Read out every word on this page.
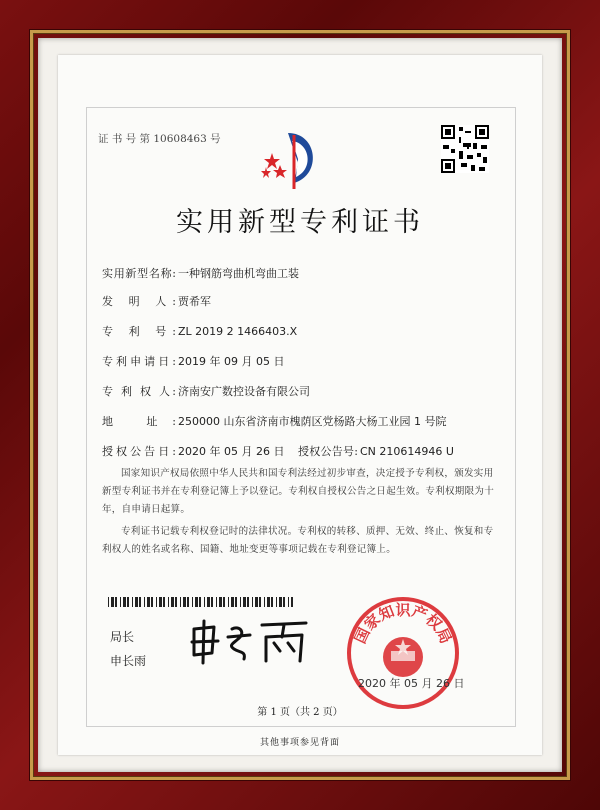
证 书 号 第 10608463 号
实用新型专利证书
实用新型名称: 一种钢筋弯曲机弯曲工装
发 明 人: 贾希军
专 利 号: ZL 2019 2 1466403.X
专利申请日: 2019 年 09 月 05 日
专 利 权 人: 济南安广数控设备有限公司
地 址: 250000 山东省济南市槐荫区党杨路大杨工业园 1 号院
授权公告日: 2020 年 05 月 26 日 授权公告号: CN 210614946 U
国家知识产权局依照中华人民共和国专利法经过初步审查，决定授予专利权，颁发实用新型专利证书并在专利登记簿上予以登记。专利权自授权公告之日起生效。专利权期限为十年，自申请日起算。
专利证书记载专利权登记时的法律状况。专利权的转移、质押、无效、终止、恢复和专利权人的姓名或名称、国籍、地址变更等事项记载在专利登记簿上。
局长
申长雨
国家知识产权局
2020 年 05 月 26 日
第 1 页（共 2 页）
其他事项参见背面
